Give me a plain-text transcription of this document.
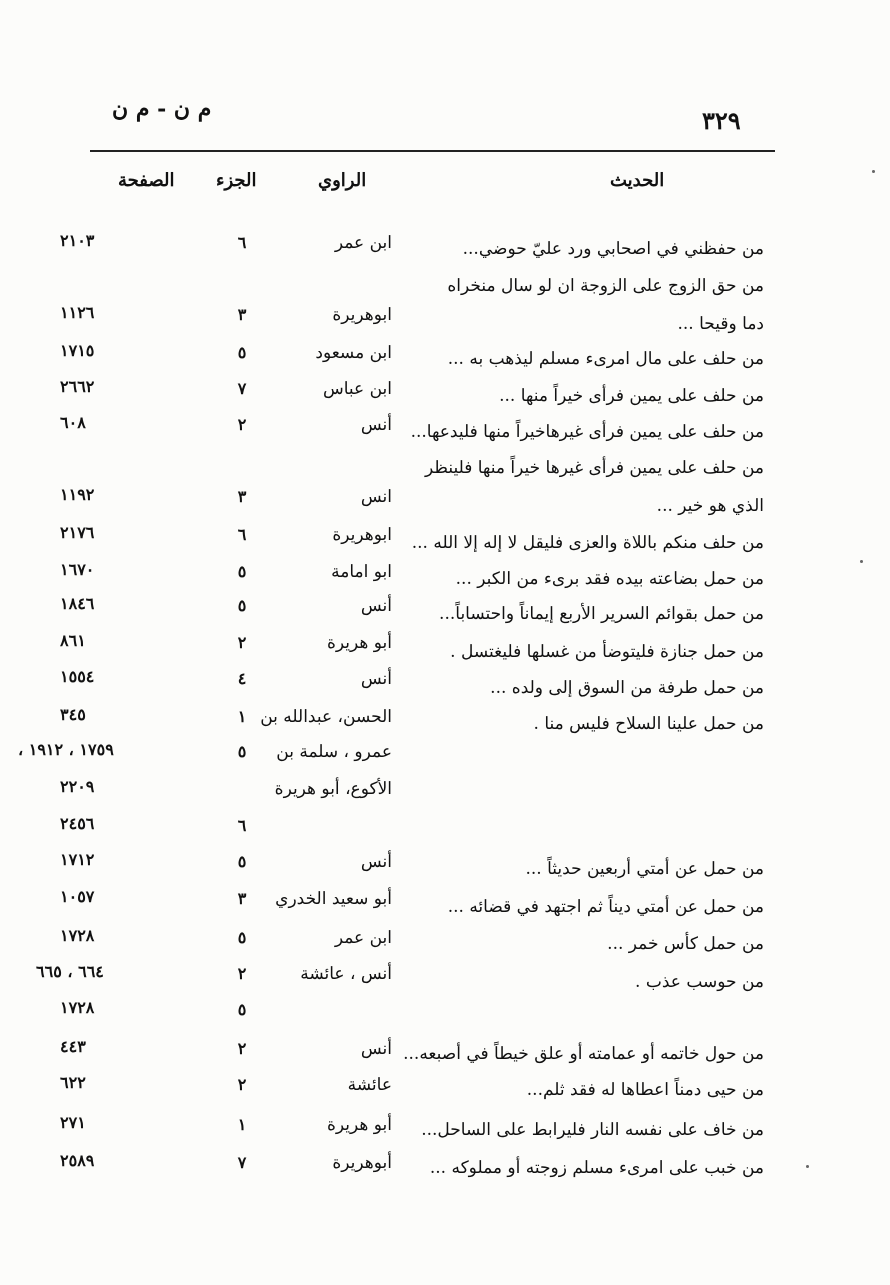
٣٢٩
م ن - م ن
الحديث
الراوي
الجزء
الصفحة
من حفظني في اصحابي ورد عليّ حوضي...
من حق الزوج على الزوجة ان لو سال منخراه
دما وقيحا ...
من حلف على مال امرىء مسلم ليذهب به ...
من حلف على يمين فرأى خيراً منها ...
من حلف على يمين فرأى غيرهاخيراً منها فليدعها...
من حلف على يمين فرأى غيرها خيراً منها فلينظر
الذي هو خير ...
من حلف منكم باللاة والعزى فليقل لا إله إلا الله ...
من حمل بضاعته بيده فقد برىء من الكبر ...
من حمل بقوائم السرير الأربع إيماناً واحتساباً...
من حمل جنازة فليتوضأ من غسلها فليغتسل .
من حمل طرفة من السوق إلى ولده ...
من حمل علينا السلاح فليس منا .
من حمل عن أمتي أربعين حديثاً ...
من حمل عن أمتي ديناً ثم اجتهد في قضائه ...
من حمل كأس خمر ...
من حوسب عذب .
من حول خاتمه أو عمامته أو علق خيطاً في أصبعه...
من حيى دمناً اعطاها له فقد ثلم...
من خاف على نفسه النار فليرابط على الساحل...
من خبب على امرىء مسلم زوجته أو مملوكه ...
ابن عمر
ابوهريرة
ابن مسعود
ابن عباس
أنس
انس
ابوهريرة
ابو امامة
أنس
أبو هريرة
أنس
الحسن، عبدالله بن
عمرو ، سلمة بن
الأكوع، أبو هريرة
أنس
أبو سعيد الخدري
ابن عمر
أنس ، عائشة
أنس
عائشة
أبو هريرة
أبوهريرة
٦
٣
٥
٧
٢
٣
٦
٥
٥
٢
٤
١
٥
٦
٥
٣
٥
٢
٥
٢
٢
١
٧
٢١٠٣
١١٢٦
١٧١٥
٢٦٦٢
٦٠٨
١١٩٢
٢١٧٦
١٦٧٠
١٨٤٦
٨٦١
١٥٥٤
٣٤٥
١٧٥٩ ، ١٩١٢ ،
٢٢٠٩
٢٤٥٦
١٧١٢
١٠٥٧
١٧٢٨
٦٦٤ ، ٦٦٥
١٧٢٨
٤٤٣
٦٢٢
٢٧١
٢٥٨٩
